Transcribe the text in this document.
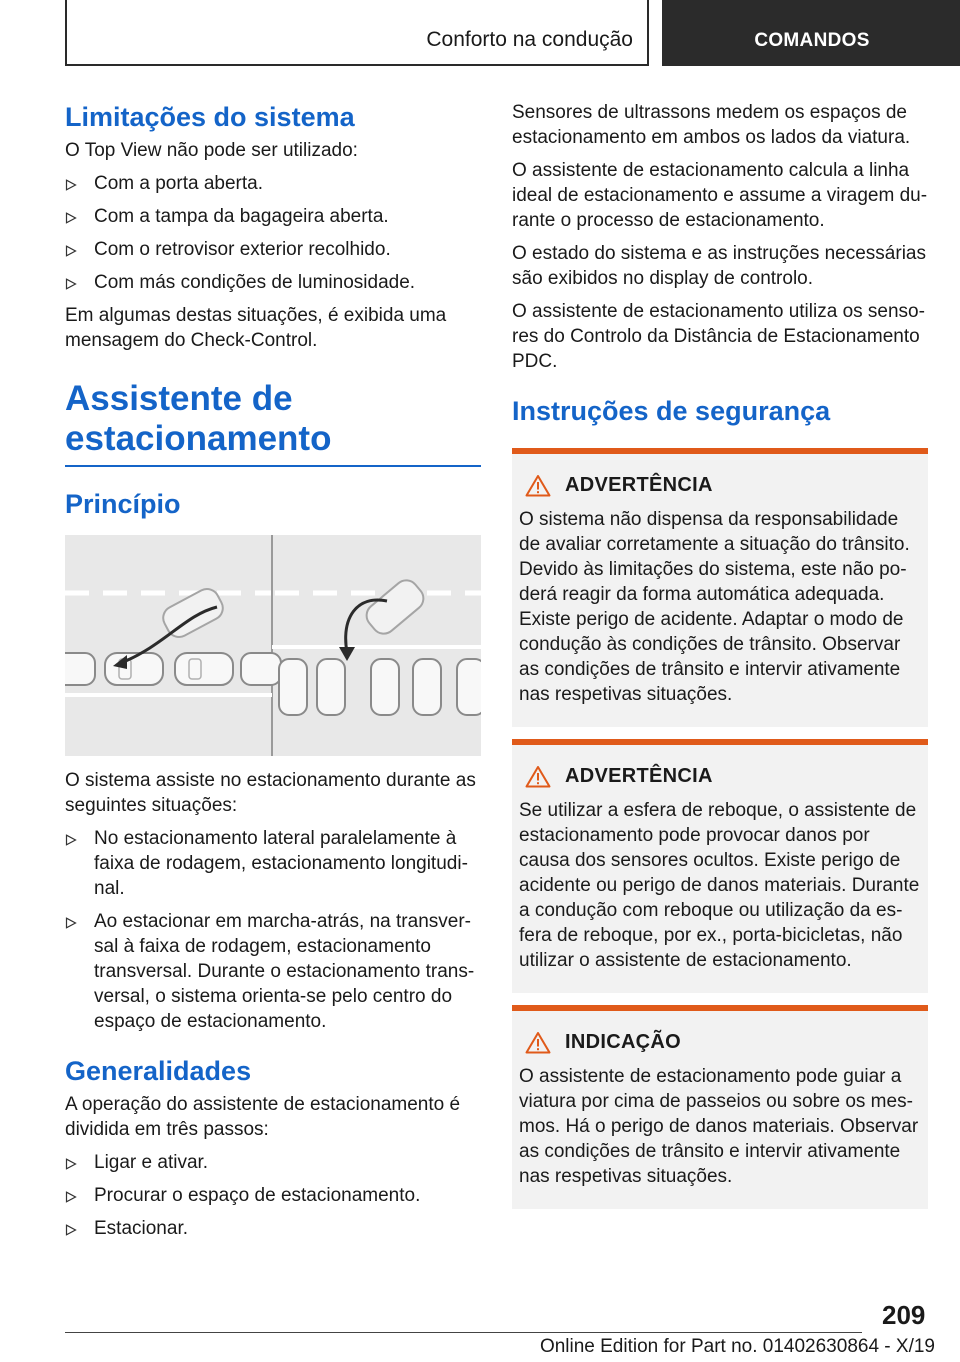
Conforto na condução	COMANDOS
Limitações do sistema
O Top View não pode ser utilizado:
Com a porta aberta.
Com a tampa da bagageira aberta.
Com o retrovisor exterior recolhido.
Com más condições de luminosidade.
Em algumas destas situações, é exibida uma mensagem do Check-Control.
Assistente de estacionamento
Princípio
O sistema assiste no estacionamento durante as seguintes situações:
No estacionamento lateral paralelamente à faixa de rodagem, estacionamento longitudi- nal.
Ao estacionar em marcha-atrás, na transver- sal à faixa de rodagem, estacionamento transversal. Durante o estacionamento trans- versal, o sistema orienta-se pelo centro do espaço de estacionamento.
Generalidades
A operação do assistente de estacionamento é dividida em três passos:
Ligar e ativar.
Procurar o espaço de estacionamento.
Estacionar.
Sensores de ultrassons medem os espaços de estacionamento em ambos os lados da viatura.
O assistente de estacionamento calcula a linha ideal de estacionamento e assume a viragem du- rante o processo de estacionamento.
O estado do sistema e as instruções necessárias são exibidos no display de controlo.
O assistente de estacionamento utiliza os senso- res do Controlo da Distância de Estacionamento PDC.
Instruções de segurança
ADVERTÊNCIA
O sistema não dispensa da responsabilidade de avaliar corretamente a situação do trânsito. Devido às limitações do sistema, este não po- derá reagir da forma automática adequada. Existe perigo de acidente. Adaptar o modo de condução às condições de trânsito. Observar as condições de trânsito e intervir ativamente nas respetivas situações.
ADVERTÊNCIA
Se utilizar a esfera de reboque, o assistente de estacionamento pode provocar danos por causa dos sensores ocultos. Existe perigo de acidente ou perigo de danos materiais. Durante a condução com reboque ou utilização da es- fera de reboque, por ex., porta-bicicletas, não utilizar o assistente de estacionamento.
INDICAÇÃO
O assistente de estacionamento pode guiar a viatura por cima de passeios ou sobre os mes- mos. Há o perigo de danos materiais. Observar as condições de trânsito e intervir ativamente nas respetivas situações.
209
Online Edition for Part no. 01402630864 - X/19
